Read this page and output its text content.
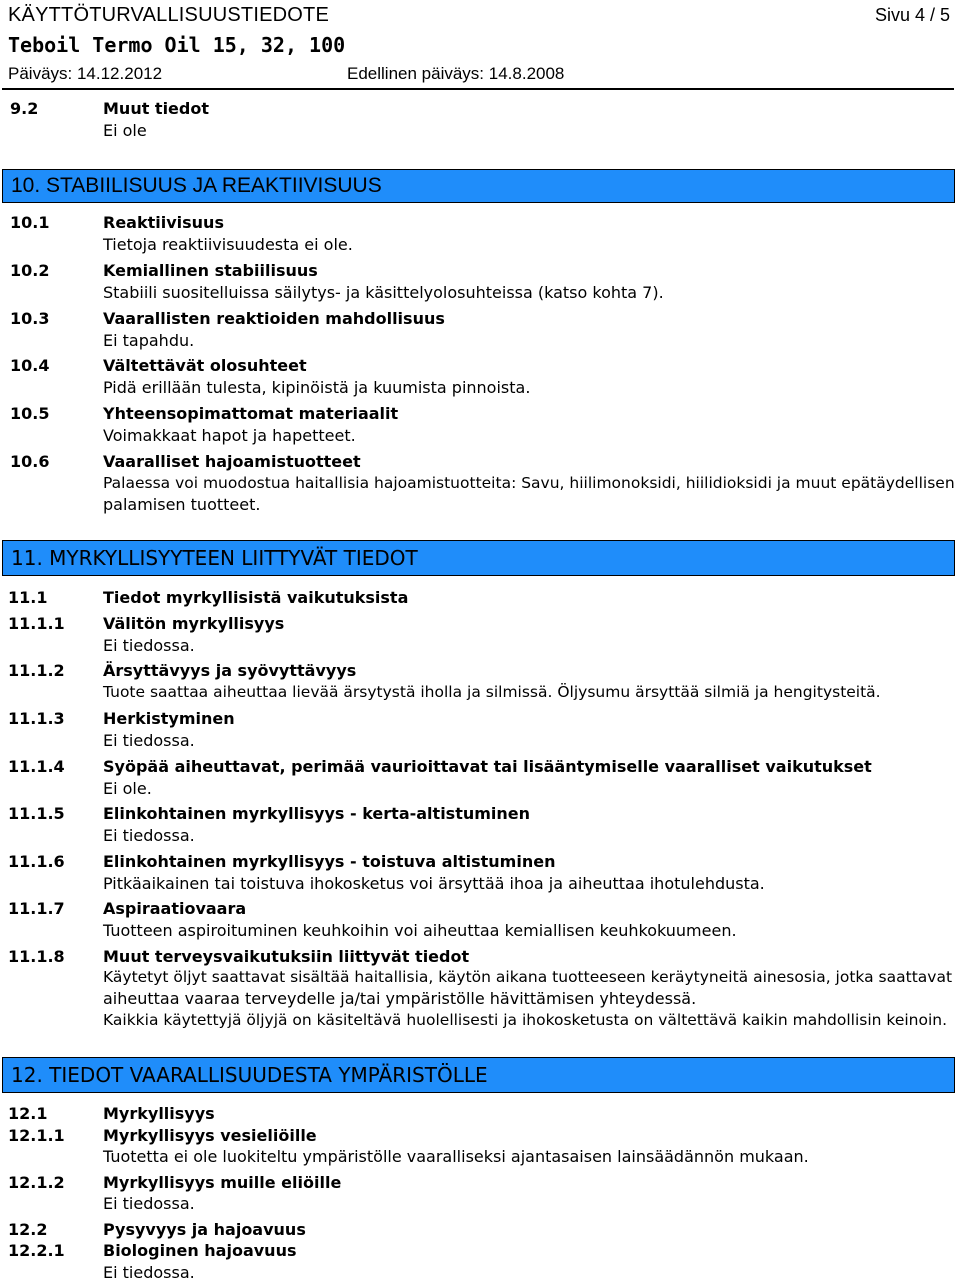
KÄYTTÖTURVALLISUUSTIEDOTE	Sivu 4 / 5
Teboil Termo Oil 15, 32, 100
Päiväys: 14.12.2012	Edellinen päiväys: 14.8.2008
9.2	Muut tiedot
Ei ole
10. STABIILISUUS JA REAKTIIVISUUS
10.1	Reaktiivisuus
Tietoja reaktiivisuudesta ei ole.
10.2	Kemiallinen stabiilisuus
Stabiili suositelluissa säilytys- ja käsittelyolosuhteissa (katso kohta 7).
10.3	Vaarallisten reaktioiden mahdollisuus
Ei tapahdu.
10.4	Vältettävät olosuhteet
Pidä erillään tulesta, kipinöistä ja kuumista pinnoista.
10.5	Yhteensopimattomat materiaalit
Voimakkaat hapot ja hapetteet.
10.6	Vaaralliset hajoamistuotteet
Palaessa voi muodostua haitallisia hajoamistuotteita: Savu, hiilimonoksidi, hiilidioksidi ja muut epätäydellisen
palamisen tuotteet.
11. MYRKYLLISYYTEEN LIITTYVÄT TIEDOT
11.1	Tiedot myrkyllisistä vaikutuksista
11.1.1 Välitön myrkyllisyys
Ei tiedossa.
11.1.2 Ärsyttävyys ja syövyttävyys
Tuote saattaa aiheuttaa lievää ärsytystä iholla ja silmissä. Öljysumu ärsyttää silmiä ja hengitysteitä.
11.1.3 Herkistyminen
Ei tiedossa.
11.1.4 Syöpää aiheuttavat, perimää vaurioittavat tai lisääntymiselle vaaralliset vaikutukset
Ei ole.
11.1.5 Elinkohtainen myrkyllisyys - kerta-altistuminen
Ei tiedossa.
11.1.6 Elinkohtainen myrkyllisyys - toistuva altistuminen
Pitkäaikainen tai toistuva ihokosketus voi ärsyttää ihoa ja aiheuttaa ihotulehdusta.
11.1.7 Aspiraatiovaara
Tuotteen aspiroituminen keuhkoihin voi aiheuttaa kemiallisen keuhkokuumeen.
11.1.8 Muut terveysvaikutuksiin liittyvät tiedot
Käytetyt öljyt saattavat sisältää haitallisia, käytön aikana tuotteeseen keräytyneitä ainesosia, jotka saattavat
aiheuttaa vaaraa terveydelle ja/tai ympäristölle hävittämisen yhteydessä.
Kaikkia käytettyjä öljyjä on käsiteltävä huolellisesti ja ihokosketusta on vältettävä kaikin mahdollisin keinoin.
12. TIEDOT VAARALLISUUDESTA YMPÄRISTÖLLE
12.1	Myrkyllisyys
12.1.1 Myrkyllisyys vesieliöille
Tuotetta ei ole luokiteltu ympäristölle vaaralliseksi ajantasaisen lainsäädännön mukaan.
12.1.2 Myrkyllisyys muille eliöille
Ei tiedossa.
12.2	Pysyvyys ja hajoavuus
12.2.1 Biologinen hajoavuus
Ei tiedossa.
